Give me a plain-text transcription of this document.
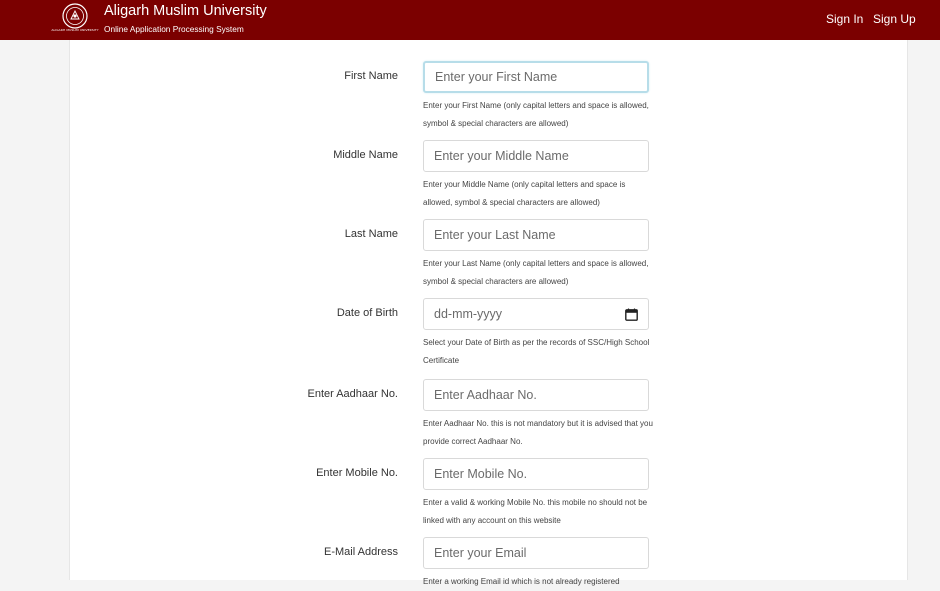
ALIGARH MUSLIM UNIVERSITY
Aligarh Muslim University
Online Application Processing System
Sign In Sign Up
First Name
Enter your First Name
Enter your First Name (only capital letters and space is allowed, symbol & special characters are allowed)
Middle Name
Enter your Middle Name
Enter your Middle Name (only capital letters and space is allowed, symbol & special characters are allowed)
Last Name
Enter your Last Name
Enter your Last Name (only capital letters and space is allowed, symbol & special characters are allowed)
Date of Birth	dd-mm-yyyy
Select your Date of Birth as per the records of SSC/High School Certificate
Enter Aadhaar No.
Enter Aadhaar No.
Enter Aadhaar No. this is not mandatory but it is advised that you provide correct Aadhaar No.
Enter Mobile No.
Enter Mobile No.
Enter a valid & working Mobile No. this mobile no should not be linked with any account on this website
E-Mail Address
Enter your Email
Enter a working Email id which is not already registered
